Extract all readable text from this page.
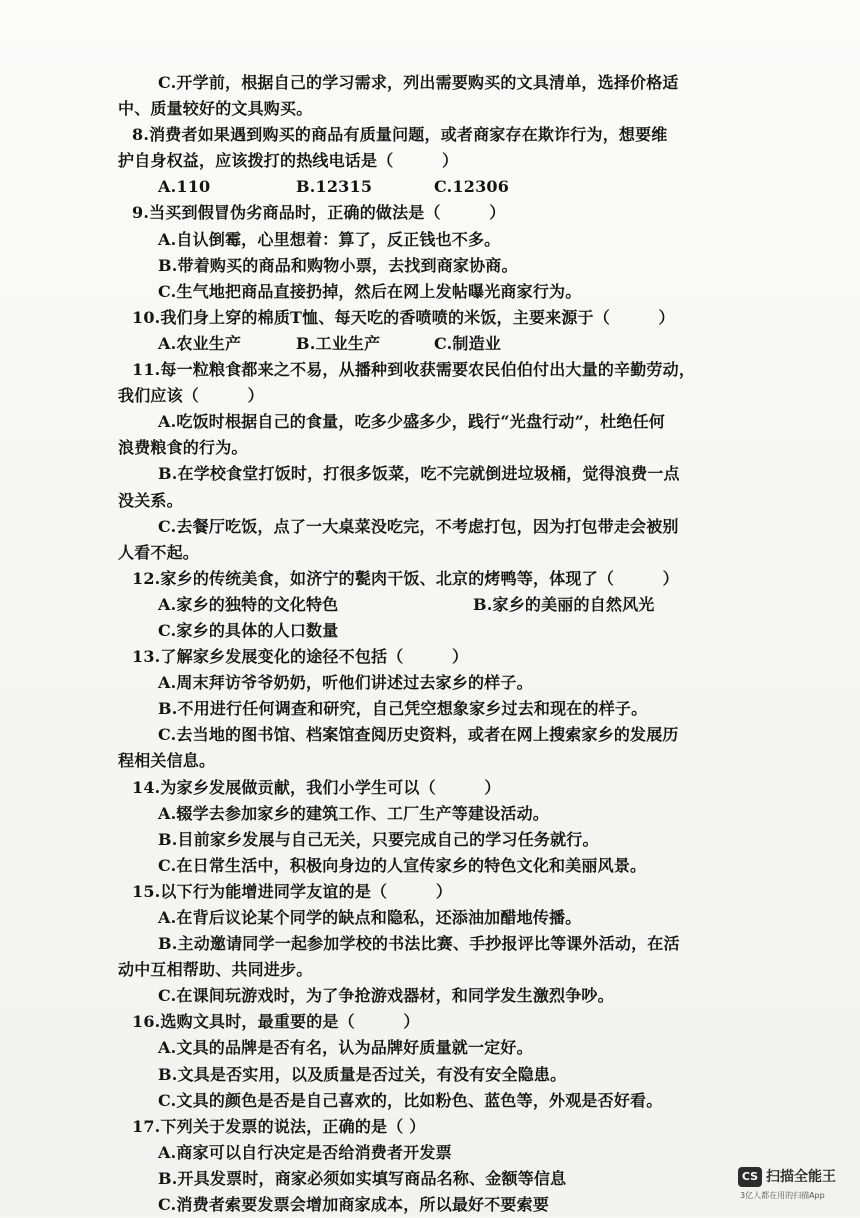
C.开学前，根据自己的学习需求，列出需要购买的文具清单，选择价格适
中、质量较好的文具购买。
8.消费者如果遇到购买的商品有质量问题，或者商家存在欺诈行为，想要维
护自身权益，应该拨打的热线电话是（　　　）
A.110	B.12315	C.12306
9.当买到假冒伪劣商品时，正确的做法是（　　　）
A.自认倒霉，心里想着：算了，反正钱也不多。
B.带着购买的商品和购物小票，去找到商家协商。
C.生气地把商品直接扔掉，然后在网上发帖曝光商家行为。
10.我们身上穿的棉质T恤、每天吃的香喷喷的米饭，主要来源于（　　　）
A.农业生产	B.工业生产	C.制造业
11.每一粒粮食都来之不易，从播种到收获需要农民伯伯付出大量的辛勤劳动，
我们应该（　　　）
A.吃饭时根据自己的食量，吃多少盛多少，践行“光盘行动”，杜绝任何
浪费粮食的行为。
B.在学校食堂打饭时，打很多饭菜，吃不完就倒进垃圾桶，觉得浪费一点
没关系。
C.去餐厅吃饭，点了一大桌菜没吃完，不考虑打包，因为打包带走会被别
人看不起。
12.家乡的传统美食，如济宁的甏肉干饭、北京的烤鸭等，体现了（　　　）
A.家乡的独特的文化特色	B.家乡的美丽的自然风光
C.家乡的具体的人口数量
13.了解家乡发展变化的途径不包括（　　　）
A.周末拜访爷爷奶奶，听他们讲述过去家乡的样子。
B.不用进行任何调查和研究，自己凭空想象家乡过去和现在的样子。
C.去当地的图书馆、档案馆查阅历史资料，或者在网上搜索家乡的发展历
程相关信息。
14.为家乡发展做贡献，我们小学生可以（　　　）
A.辍学去参加家乡的建筑工作、工厂生产等建设活动。
B.目前家乡发展与自己无关，只要完成自己的学习任务就行。
C.在日常生活中，积极向身边的人宣传家乡的特色文化和美丽风景。
15.以下行为能增进同学友谊的是（　　　）
A.在背后议论某个同学的缺点和隐私，还添油加醋地传播。
B.主动邀请同学一起参加学校的书法比赛、手抄报评比等课外活动，在活
动中互相帮助、共同进步。
C.在课间玩游戏时，为了争抢游戏器材，和同学发生激烈争吵。
16.选购文具时，最重要的是（　　　）
A.文具的品牌是否有名，认为品牌好质量就一定好。
B.文具是否实用，以及质量是否过关，有没有安全隐患。
C.文具的颜色是否是自己喜欢的，比如粉色、蓝色等，外观是否好看。
17.下列关于发票的说法，正确的是（ ）
A.商家可以自行决定是否给消费者开发票
B.开具发票时，商家必须如实填写商品名称、金额等信息
C.消费者索要发票会增加商家成本，所以最好不要索要
CS 扫描全能王
3亿人都在用的扫描App
